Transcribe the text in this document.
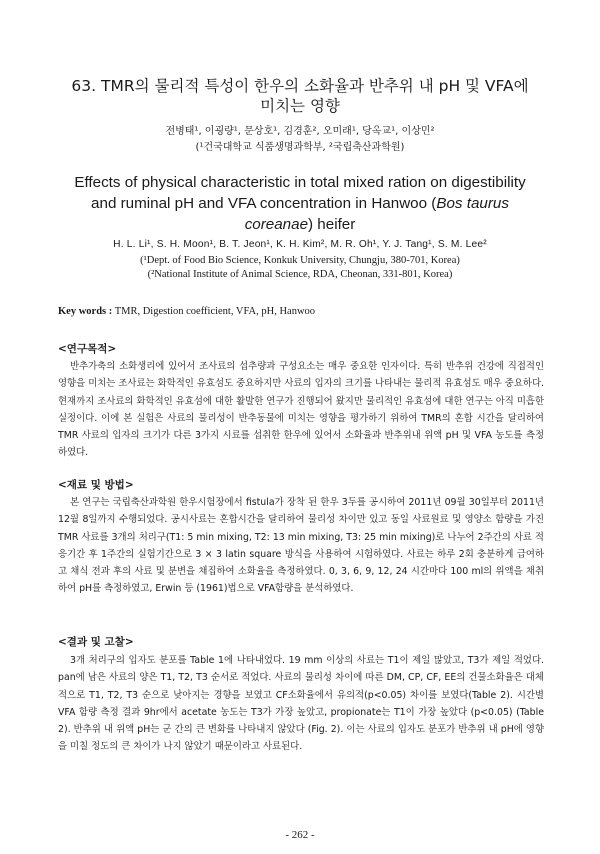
63. TMR의 물리적 특성이 한우의 소화율과 반추위 내 pH 및 VFA에
미치는 영향
전병태¹, 이굉량¹, 문상호¹, 김경훈², 오미래¹, 당옥교¹, 이상민²
(¹건국대학교 식품생명과학부, ²국립축산과학원)
Effects of physical characteristic in total mixed ration on digestibility
and ruminal pH and VFA concentration in Hanwoo (Bos taurus
coreanae) heifer
H. L. Li¹, S. H. Moon¹, B. T. Jeon¹, K. H. Kim², M. R. Oh¹, Y. J. Tang¹, S. M. Lee²
(¹Dept. of Food Bio Science, Konkuk University, Chungju, 380-701, Korea)
(²National Institute of Animal Science, RDA, Cheonan, 331-801, Korea)
Key words : TMR, Digestion coefficient, VFA, pH, Hanwoo
<연구목적>
반추가축의 소화생리에 있어서 조사료의 섭추량과 구성요소는 매우 중요한 인자이다. 특히 반추위 건강에 직접적인 영향을 미치는 조사료는 화학적인 유효섬도 중요하지만 사료의 입자의 크기를 나타내는 물리적 유효섬도 매우 중요하다. 현재까지 조사료의 화학적인 유효섬에 대한 활발한 연구가 진행되어 왔지만 물리적인 유효섬에 대한 연구는 아직 미흡한 실정이다. 이에 본 실험은 사료의 물리성이 반추동물에 미치는 영향을 평가하기 위하여 TMR의 혼합 시간을 달리하여 TMR 사료의 입자의 크기가 다른 3가지 시료를 섭취한 한우에 있어서 소화율과 반추위내 위액 pH 및 VFA 농도를 측정하였다.
<재료 및 방법>
본 연구는 국립축산과학원 한우시험장에서 fistula가 장착 된 한우 3두를 공시하여 2011년 09월 30일부터 2011년 12월 8일까지 수행되었다. 공시사료는 혼합시간을 달리하여 물리성 차이만 있고 동일 사료원료 및 영양소 함량을 가진 TMR 사료를 3개의 처리구(T1: 5 min mixing, T2: 13 min mixing, T3: 25 min mixing)로 나누어 2주간의 사료 적응기간 후 1주간의 실험기간으로 3 × 3 latin square 방식을 사용하여 시험하였다. 사료는 하루 2회 충분하게 급여하고 채식 전과 후의 사료 및 분변을 채집하여 소화율을 측정하였다. 0, 3, 6, 9, 12, 24 시간마다 100 ml의 위액을 채취하여 pH를 측정하였고, Erwin 등 (1961)법으로 VFA함량을 분석하였다.
<결과 및 고찰>
3개 처리구의 입자도 분포를 Table 1에 나타내었다. 19 mm 이상의 사료는 T1이 제일 많았고, T3가 제일 적었다. pan에 남은 사료의 양은 T1, T2, T3 순서로 적었다. 사료의 물리성 차이에 따른 DM, CP, CF, EE의 건물소화율은 대체적으로 T1, T2, T3 순으로 낮아지는 경향을 보였고 CF소화율에서 유의적(p<0.05) 차이를 보였다(Table 2). 시간별 VFA 함량 측정 결과 9hr에서 acetate 농도는 T3가 가장 높았고, propionate는 T1이 가장 높았다 (p<0.05) (Table 2). 반추위 내 위액 pH는 군 간의 큰 변화를 나타내지 않았다 (Fig. 2). 이는 사료의 입자도 분포가 반추위 내 pH에 영향을 미칠 정도의 큰 차이가 나지 않았기 때문이라고 사료된다.
- 262 -
